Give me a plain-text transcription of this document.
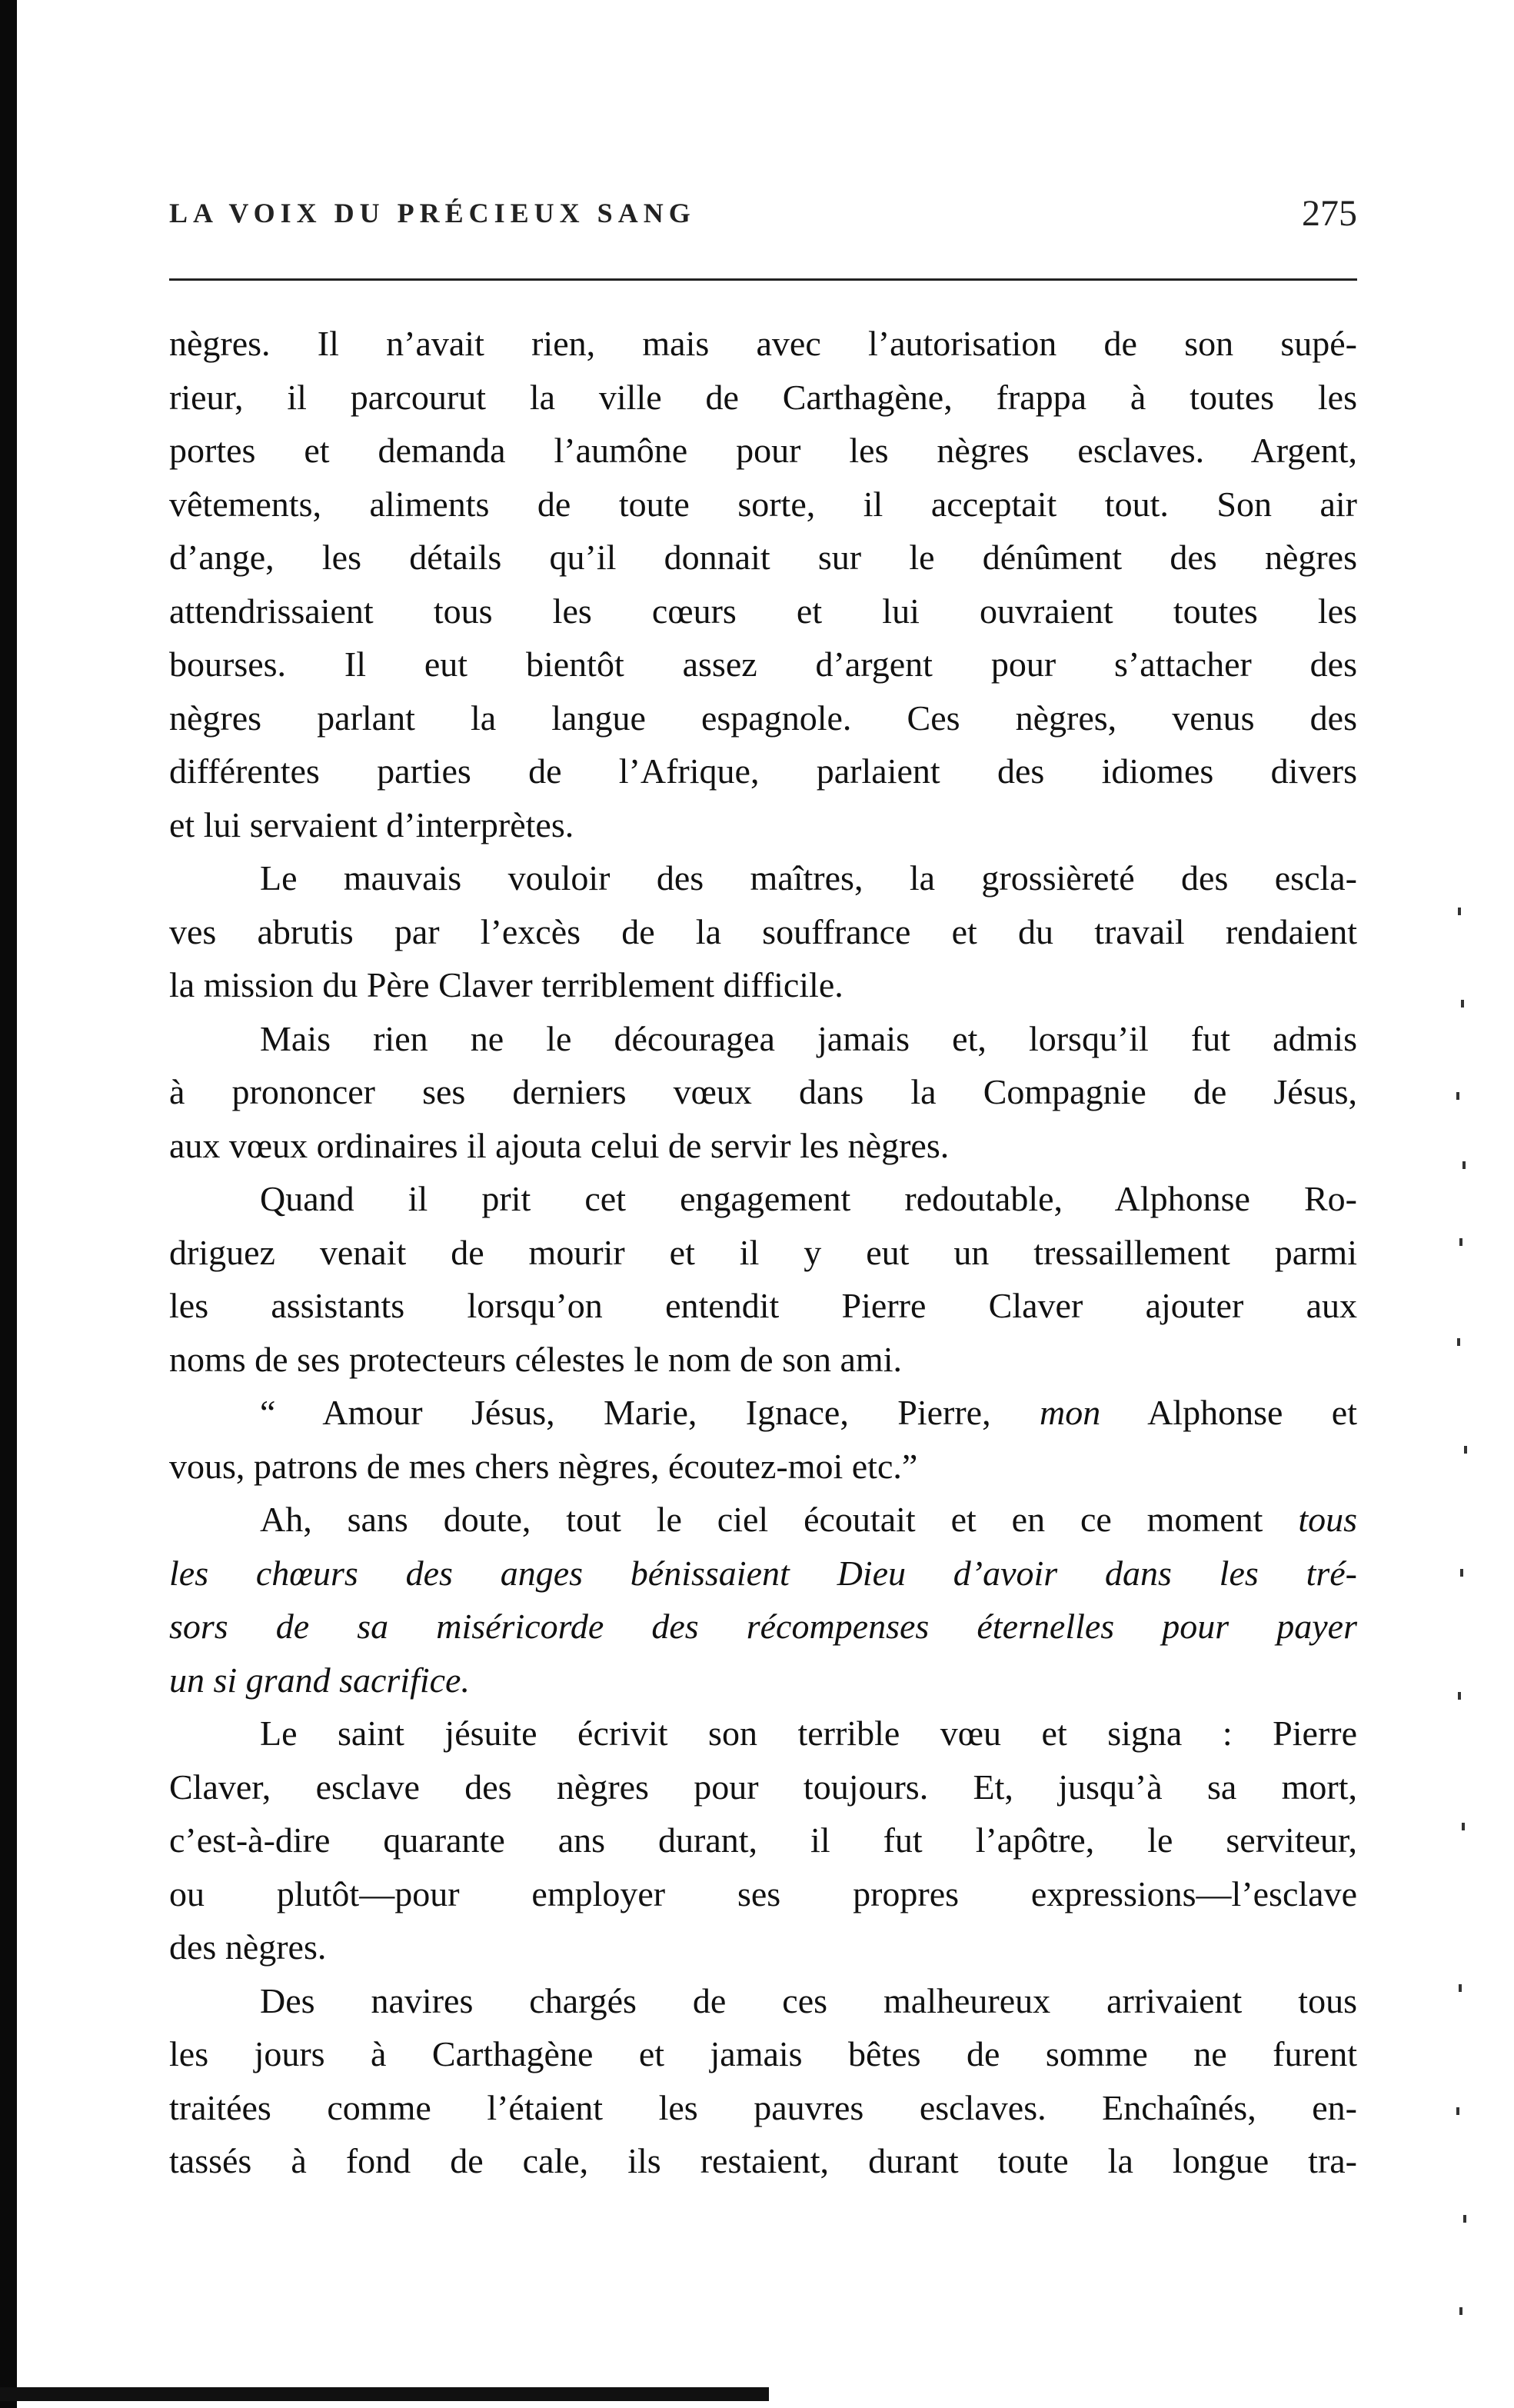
LA VOIX DU PRÉCIEUX SANG	275

nègres. Il n’avait rien, mais avec l’autorisation de son supé-

rieur, il parcourut la ville de Carthagène, frappa à toutes les

portes et demanda l’aumône pour les nègres esclaves. Argent,

vêtements, aliments de toute sorte, il acceptait tout. Son air

d’ange, les détails qu’il donnait sur le dénûment des nègres

attendrissaient tous les cœurs et lui ouvraient toutes les

bourses. Il eut bientôt assez d’argent pour s’attacher des

nègres parlant la langue espagnole. Ces nègres, venus des

différentes parties de l’Afrique, parlaient des idiomes divers

et lui servaient d’interprètes.

Le mauvais vouloir des maîtres, la grossièreté des escla-

ves abrutis par l’excès de la souffrance et du travail rendaient

la mission du Père Claver terriblement difficile.

Mais rien ne le découragea jamais et, lorsqu’il fut admis

à prononcer ses derniers vœux dans la Compagnie de Jésus,

aux vœux ordinaires il ajouta celui de servir les nègres.

Quand il prit cet engagement redoutable, Alphonse Ro-

driguez venait de mourir et il y eut un tressaillement parmi

les assistants lorsqu’on entendit Pierre Claver ajouter aux

noms de ses protecteurs célestes le nom de son ami.

“ Amour Jésus, Marie, Ignace, Pierre, mon Alphonse et

vous, patrons de mes chers nègres, écoutez-moi etc.”

Ah, sans doute, tout le ciel écoutait et en ce moment tous

les chœurs des anges bénissaient Dieu d’avoir dans les tré-

sors de sa miséricorde des récompenses éternelles pour payer

un si grand sacrifice.

Le saint jésuite écrivit son terrible vœu et signa : Pierre

Claver, esclave des nègres pour toujours. Et, jusqu’à sa mort,

c’est-à-dire quarante ans durant, il fut l’apôtre, le serviteur,

ou plutôt—pour employer ses propres expressions—l’esclave

des nègres.

Des navires chargés de ces malheureux arrivaient tous

les jours à Carthagène et jamais bêtes de somme ne furent

traitées comme l’étaient les pauvres esclaves. Enchaînés, en-

tassés à fond de cale, ils restaient, durant toute la longue tra-
